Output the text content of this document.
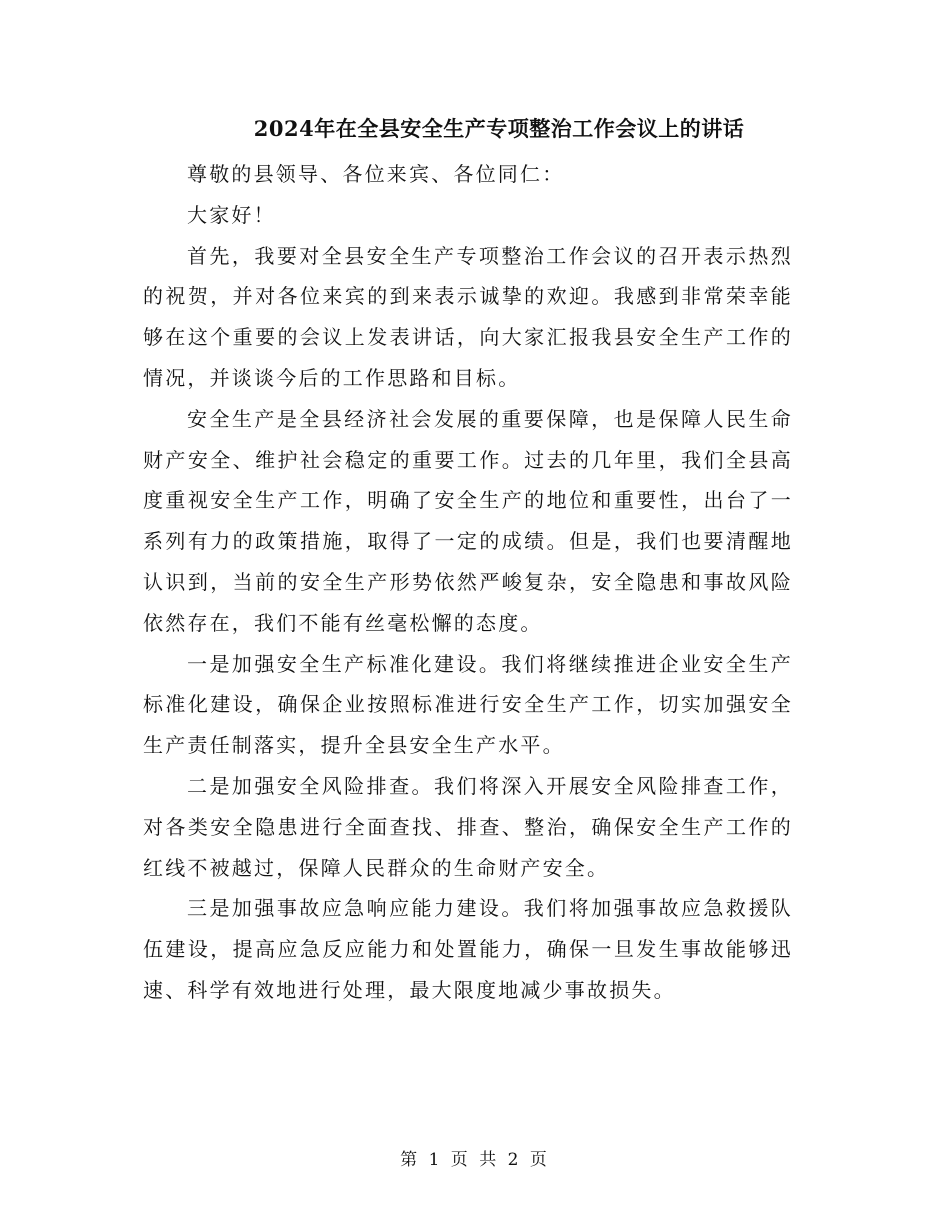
2024年在全县安全生产专项整治工作会议上的讲话

尊敬的县领导、各位来宾、各位同仁：

大家好！

首先，我要对全县安全生产专项整治工作会议的召开表示热烈的祝贺，并对各位来宾的到来表示诚挚的欢迎。我感到非常荣幸能够在这个重要的会议上发表讲话，向大家汇报我县安全生产工作的情况，并谈谈今后的工作思路和目标。

安全生产是全县经济社会发展的重要保障，也是保障人民生命财产安全、维护社会稳定的重要工作。过去的几年里，我们全县高度重视安全生产工作，明确了安全生产的地位和重要性，出台了一系列有力的政策措施，取得了一定的成绩。但是，我们也要清醒地认识到，当前的安全生产形势依然严峻复杂，安全隐患和事故风险依然存在，我们不能有丝毫松懈的态度。

一是加强安全生产标准化建设。我们将继续推进企业安全生产标准化建设，确保企业按照标准进行安全生产工作，切实加强安全生产责任制落实，提升全县安全生产水平。

二是加强安全风险排查。我们将深入开展安全风险排查工作，对各类安全隐患进行全面查找、排查、整治，确保安全生产工作的红线不被越过，保障人民群众的生命财产安全。

三是加强事故应急响应能力建设。我们将加强事故应急救援队伍建设，提高应急反应能力和处置能力，确保一旦发生事故能够迅速、科学有效地进行处理，最大限度地减少事故损失。

第 1 页 共 2 页
